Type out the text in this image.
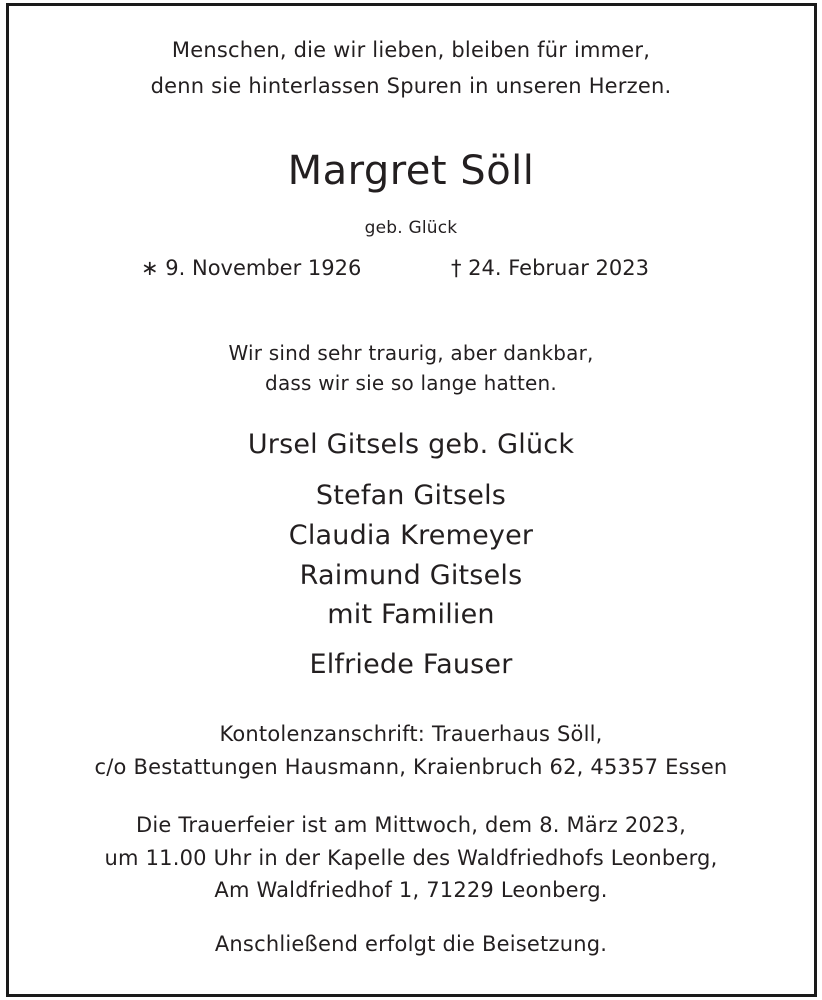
Menschen, die wir lieben, bleiben für immer,
denn sie hinterlassen Spuren in unseren Herzen.
Margret Söll
geb. Glück
∗ 9. November 1926	† 24. Februar 2023
Wir sind sehr traurig, aber dankbar,
dass wir sie so lange hatten.
Ursel Gitsels geb. Glück
Stefan Gitsels
Claudia Kremeyer
Raimund Gitsels
mit Familien
Elfriede Fauser
Kontolenzanschrift: Trauerhaus Söll,
c/o Bestattungen Hausmann, Kraienbruch 62, 45357 Essen
Die Trauerfeier ist am Mittwoch, dem 8. März 2023,
um 11.00 Uhr in der Kapelle des Waldfriedhofs Leonberg,
Am Waldfriedhof 1, 71229 Leonberg.
Anschließend erfolgt die Beisetzung.
